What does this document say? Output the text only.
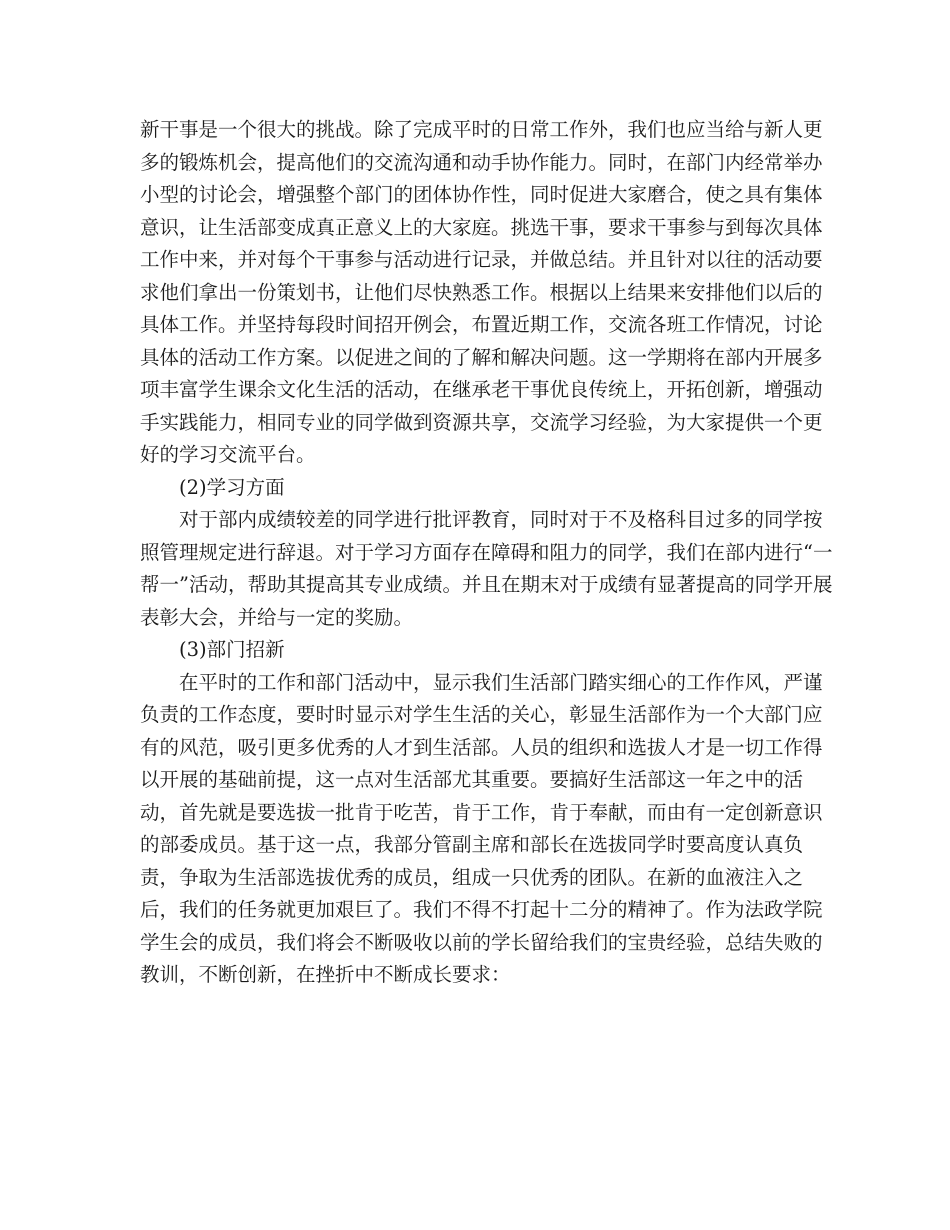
新干事是一个很大的挑战。除了完成平时的日常工作外，我们也应当给与新人更
多的锻炼机会，提高他们的交流沟通和动手协作能力。同时，在部门内经常举办
小型的讨论会，增强整个部门的团体协作性，同时促进大家磨合，使之具有集体
意识，让生活部变成真正意义上的大家庭。挑选干事，要求干事参与到每次具体
工作中来，并对每个干事参与活动进行记录，并做总结。并且针对以往的活动要
求他们拿出一份策划书，让他们尽快熟悉工作。根据以上结果来安排他们以后的
具体工作。并坚持每段时间招开例会，布置近期工作，交流各班工作情况，讨论
具体的活动工作方案。以促进之间的了解和解决问题。这一学期将在部内开展多
项丰富学生课余文化生活的活动，在继承老干事优良传统上，开拓创新，增强动
手实践能力，相同专业的同学做到资源共享，交流学习经验，为大家提供一个更
好的学习交流平台。
(2)学习方面
对于部内成绩较差的同学进行批评教育，同时对于不及格科目过多的同学按
照管理规定进行辞退。对于学习方面存在障碍和阻力的同学，我们在部内进行“一
帮一”活动，帮助其提高其专业成绩。并且在期末对于成绩有显著提高的同学开展
表彰大会，并给与一定的奖励。
(3)部门招新
在平时的工作和部门活动中，显示我们生活部门踏实细心的工作作风，严谨
负责的工作态度，要时时显示对学生生活的关心，彰显生活部作为一个大部门应
有的风范，吸引更多优秀的人才到生活部。人员的组织和选拔人才是一切工作得
以开展的基础前提，这一点对生活部尤其重要。要搞好生活部这一年之中的活
动，首先就是要选拔一批肯于吃苦，肯于工作，肯于奉献，而由有一定创新意识
的部委成员。基于这一点，我部分管副主席和部长在选拔同学时要高度认真负
责，争取为生活部选拔优秀的成员，组成一只优秀的团队。在新的血液注入之
后，我们的任务就更加艰巨了。我们不得不打起十二分的精神了。作为法政学院
学生会的成员，我们将会不断吸收以前的学长留给我们的宝贵经验，总结失败的
教训，不断创新，在挫折中不断成长要求：
